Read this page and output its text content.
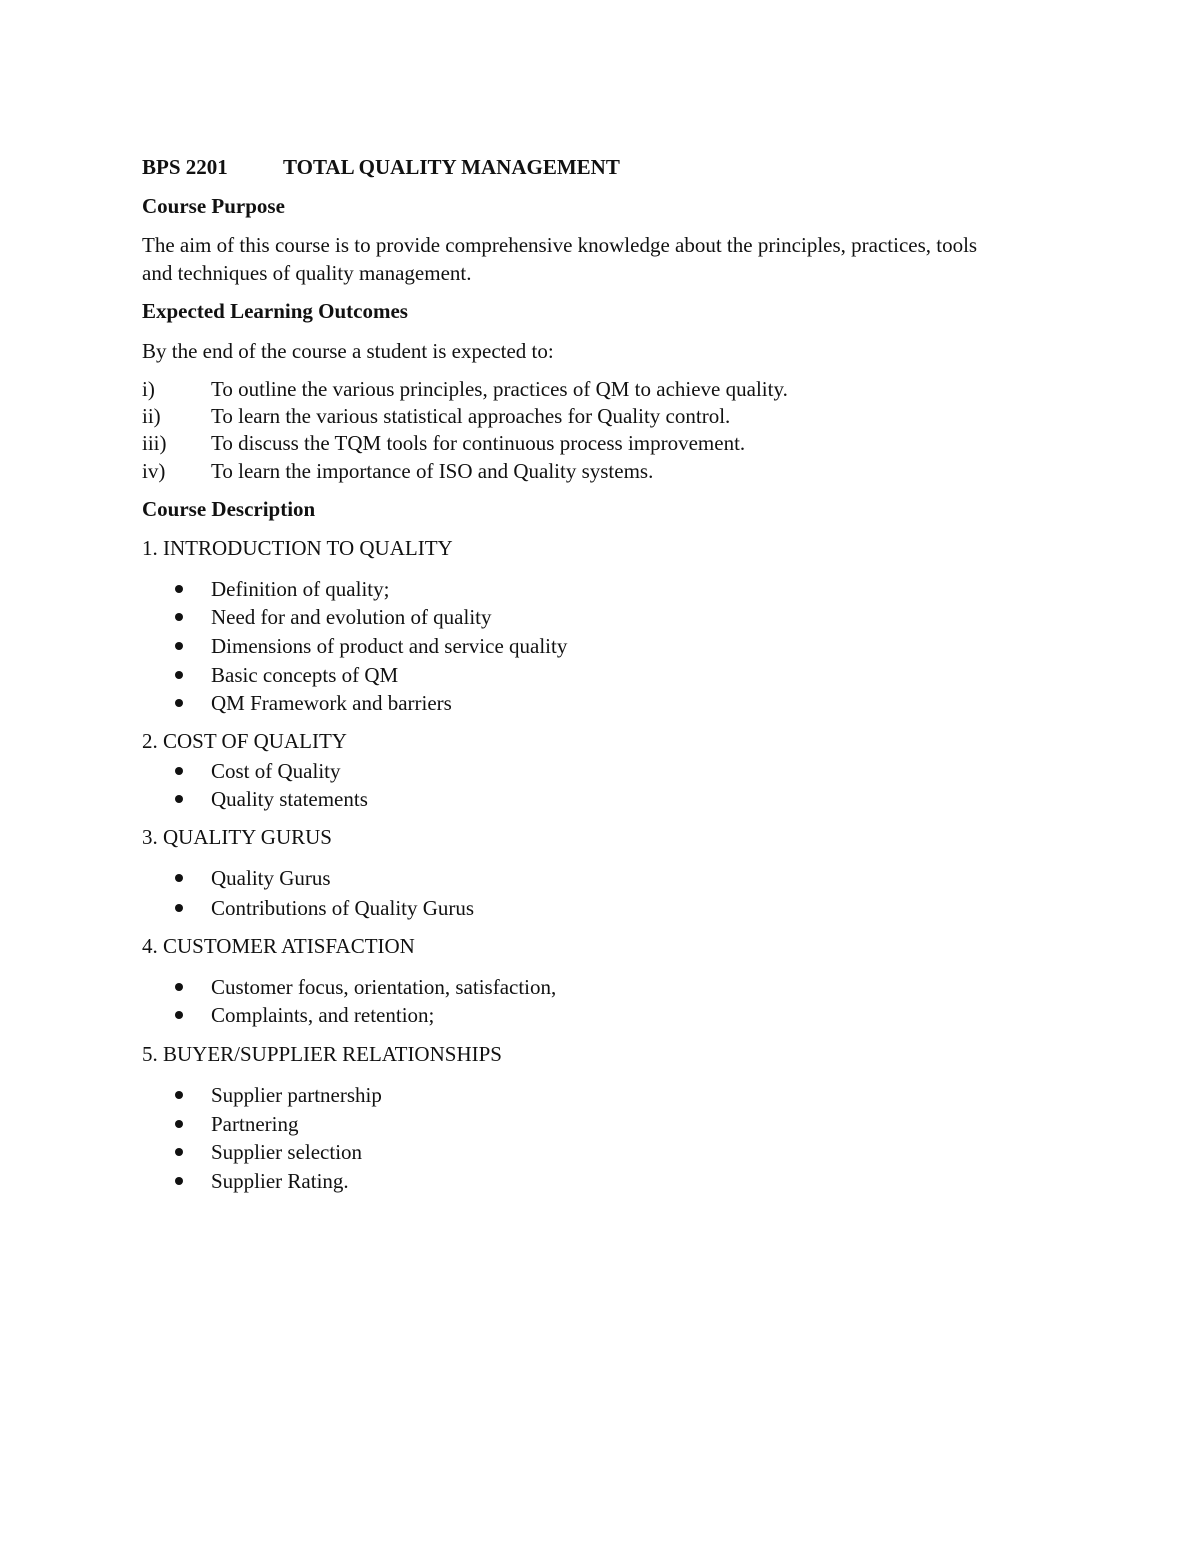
BPS 2201	TOTAL QUALITY MANAGEMENT
Course Purpose
The aim of this course is to provide comprehensive knowledge about the principles, practices, tools
and techniques of quality management.
Expected Learning Outcomes
By the end of the course a student is expected to:
i)	To outline the various principles, practices of QM to achieve quality.
ii) To learn the various statistical approaches for Quality control.
iii) To discuss the TQM tools for continuous process improvement.
iv) To learn the importance of ISO and Quality systems.
Course Description
1. INTRODUCTION TO QUALITY
Definition of quality;
Need for and evolution of quality
Dimensions of product and service quality
Basic concepts of QM
QM Framework and barriers
2. COST OF QUALITY
Cost of Quality
Quality statements
3. QUALITY GURUS
Quality Gurus
Contributions of Quality Gurus
4. CUSTOMER ATISFACTION
Customer focus, orientation, satisfaction,
Complaints, and retention;
5. BUYER/SUPPLIER RELATIONSHIPS
Supplier partnership
Partnering
Supplier selection
Supplier Rating.
